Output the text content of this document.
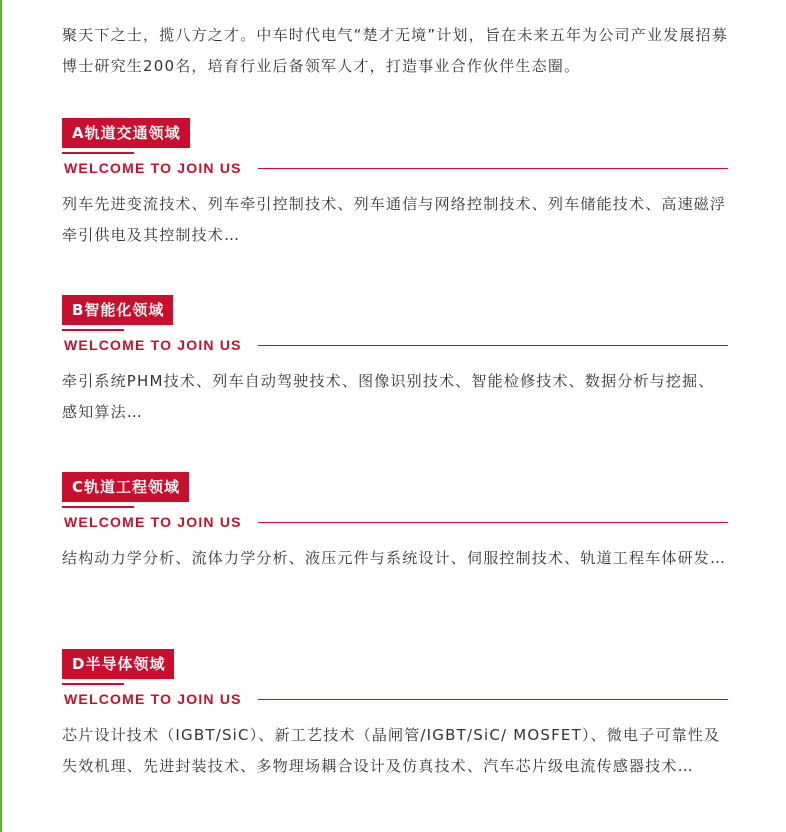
聚天下之士，揽八方之才。中车时代电气“楚才无境”计划，旨在未来五年为公司产业发展招募博士研究生200名，培育行业后备领军人才，打造事业合作伙伴生态圈。

A轨道交通领域
WELCOME TO JOIN US

列车先进变流技术、列车牵引控制技术、列车通信与网络控制技术、列车储能技术、高速磁浮牵引供电及其控制技术…

B智能化领域
WELCOME TO JOIN US

牵引系统PHM技术、列车自动驾驶技术、图像识别技术、智能检修技术、数据分析与挖掘、感知算法…

C轨道工程领域
WELCOME TO JOIN US

结构动力学分析、流体力学分析、液压元件与系统设计、伺服控制技术、轨道工程车体研发…

D半导体领域
WELCOME TO JOIN US

芯片设计技术（IGBT/SiC）、新工艺技术（晶闸管/IGBT/SiC/ MOSFET）、微电子可靠性及失效机理、先进封装技术、多物理场耦合设计及仿真技术、汽车芯片级电流传感器技术…
